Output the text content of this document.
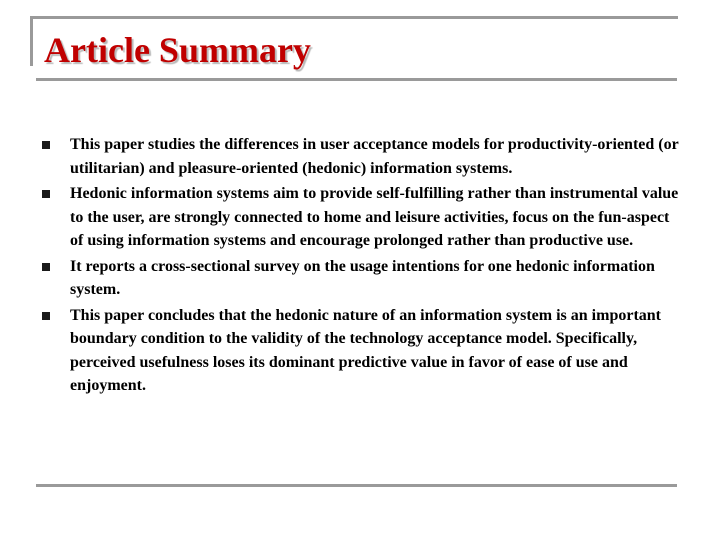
Article Summary
This paper studies the differences in user acceptance models for productivity-oriented (or utilitarian) and pleasure-oriented (hedonic) information systems.
Hedonic information systems aim to provide self-fulfilling rather than instrumental value to the user, are strongly connected to home and leisure activities, focus on the fun-aspect of using information systems and encourage prolonged rather than productive use.
It reports a cross-sectional survey on the usage intentions for one hedonic information system.
This paper concludes that the hedonic nature of an information system is an important boundary condition to the validity of the technology acceptance model. Specifically, perceived usefulness loses its dominant predictive value in favor of ease of use and enjoyment.
